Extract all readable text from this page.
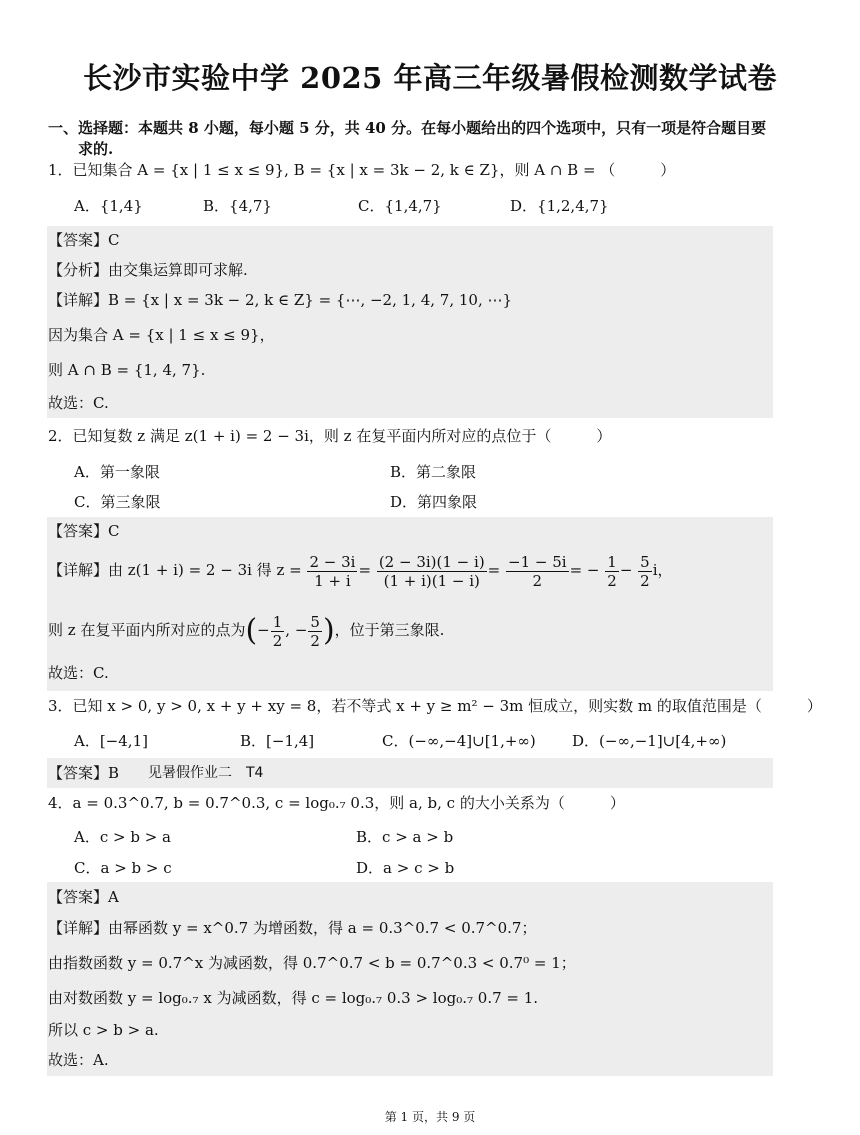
长沙市实验中学 2025 年高三年级暑假检测数学试卷
一、选择题：本题共 8 小题，每小题 5 分，共 40 分。在每小题给出的四个选项中，只有一项是符合题目要
求的.
1．已知集合 A = {x | 1 ≤ x ≤ 9}, B = {x | x = 3k − 2, k ∈ Z}，则 A ∩ B = （　　　）
A．{1,4}	B．{4,7}	C．{1,4,7}	D．{1,2,4,7}
【答案】C
【分析】由交集运算即可求解.
【详解】B = {x | x = 3k − 2, k ∈ Z} = {⋯, −2, 1, 4, 7, 10, ⋯}
因为集合 A = {x | 1 ≤ x ≤ 9}，
则 A ∩ B = {1, 4, 7}.
故选：C.
2．已知复数 z 满足 z(1 + i) = 2 − 3i，则 z 在复平面内所对应的点位于（　　　）
A．第一象限	B．第二象限
C．第三象限	D．第四象限
【答案】C
【详解】由 z(1 + i) = 2 − 3i 得 $z = \frac{2 - 3i}{1 + i} = \frac{(2 - 3i)(1 - i)}{(1 + i)(1 - i)} = \frac{-1 - 5i}{2}$ = − $\frac{1}{2} - \frac{5}{2}$ i，
则 z 在复平面内所对应的点为(− $\frac{1}{2}$ , − $\frac{5}{2}$ )，位于第三象限.
故选：C.
3．已知 x > 0, y > 0, x + y + xy = 8，若不等式 x + y ≥ m² − 3m 恒成立，则实数 m 的取值范围是（　　　）
A．[−4,1]	B．[−1,4]	C．(−∞,−4]∪[1,+∞) D．(−∞,−1]∪[4,+∞)
【答案】B 见暑假作业二　T4
4．a = 0.3^0.7, b = 0.7^0.3, c = log₀.₇ 0.3，则 a, b, c 的大小关系为（　　　）
A．c > b > a	B．c > a > b
C．a > b > c	D．a > c > b
【答案】A
【详解】由幂函数 y = x^0.7 为增函数，得 a = 0.3^0.7 < 0.7^0.7；
由指数函数 y = 0.7^x 为减函数，得 0.7^0.7 < b = 0.7^0.3 < 0.7⁰ = 1；
由对数函数 y = log₀.₇ x 为减函数，得 c = log₀.₇ 0.3 > log₀.₇ 0.7 = 1.
所以 c > b > a.
故选：A.
第 1 页，共 9 页
